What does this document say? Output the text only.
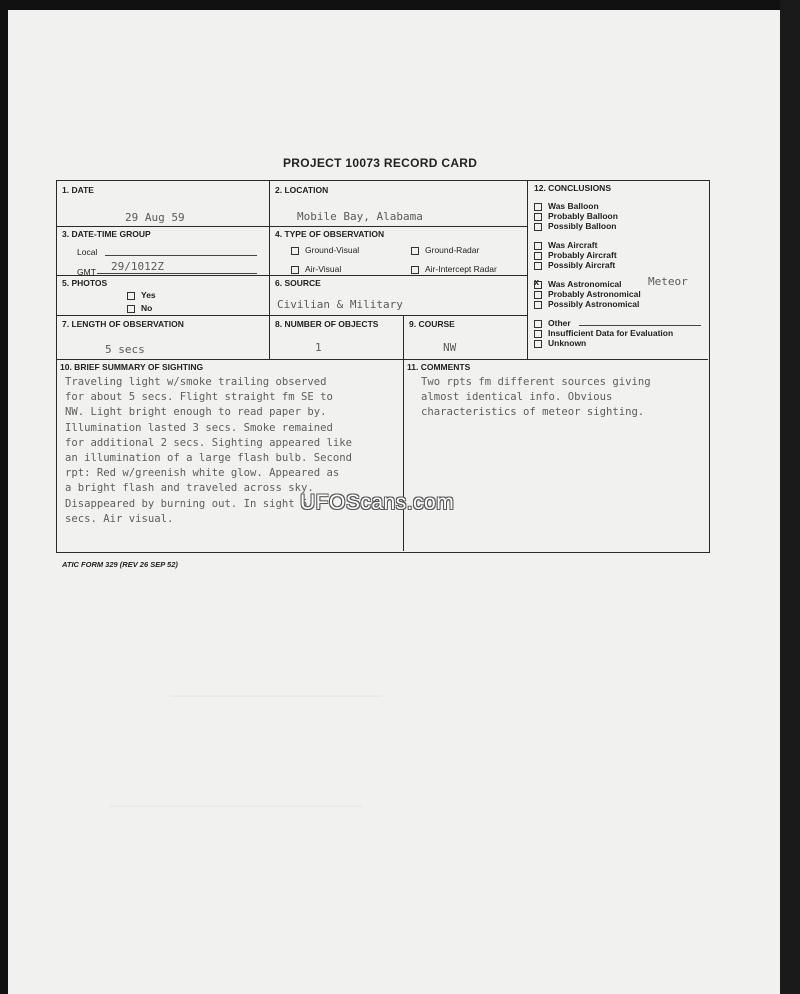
────────────────────────────────
──────────────────────────────────────
PROJECT 10073 RECORD CARD
1. DATE
29 Aug 59
2. LOCATION
Mobile Bay, Alabama
3. DATE-TIME GROUP
Local
GMT 29/1012Z
4. TYPE OF OBSERVATION
Ground-Visual	Ground-Radar
Air-Visual	Air-Intercept Radar
5. PHOTOS
Yes
No
6. SOURCE
Civilian & Military
7. LENGTH OF OBSERVATION
5 secs
8. NUMBER OF OBJECTS
1
9. COURSE
NW
12. CONCLUSIONS
Was Balloon
Probably Balloon
Possibly Balloon
Was Aircraft
Probably Aircraft
Possibly Aircraft
x Was Astronomical Meteor
Probably Astronomical
Possibly Astronomical
Other
Insufficient Data for Evaluation
Unknown
10. BRIEF SUMMARY OF SIGHTING
Traveling light w/smoke trailing observed
for about 5 secs. Flight straight fm SE to
NW. Light bright enough to read paper by.
Illumination lasted 3 secs. Smoke remained
for additional 2 secs. Sighting appeared like
an illumination of a large flash bulb. Second
rpt: Red w/greenish white glow. Appeared as
a bright flash and traveled across sky.
Disappeared by burning out. In sight 5
secs. Air visual.
11. COMMENTS
Two rpts fm different sources giving
almost identical info. Obvious
characteristics of meteor sighting.
UFOScans.com
ATIC FORM 329 (REV 26 SEP 52)
